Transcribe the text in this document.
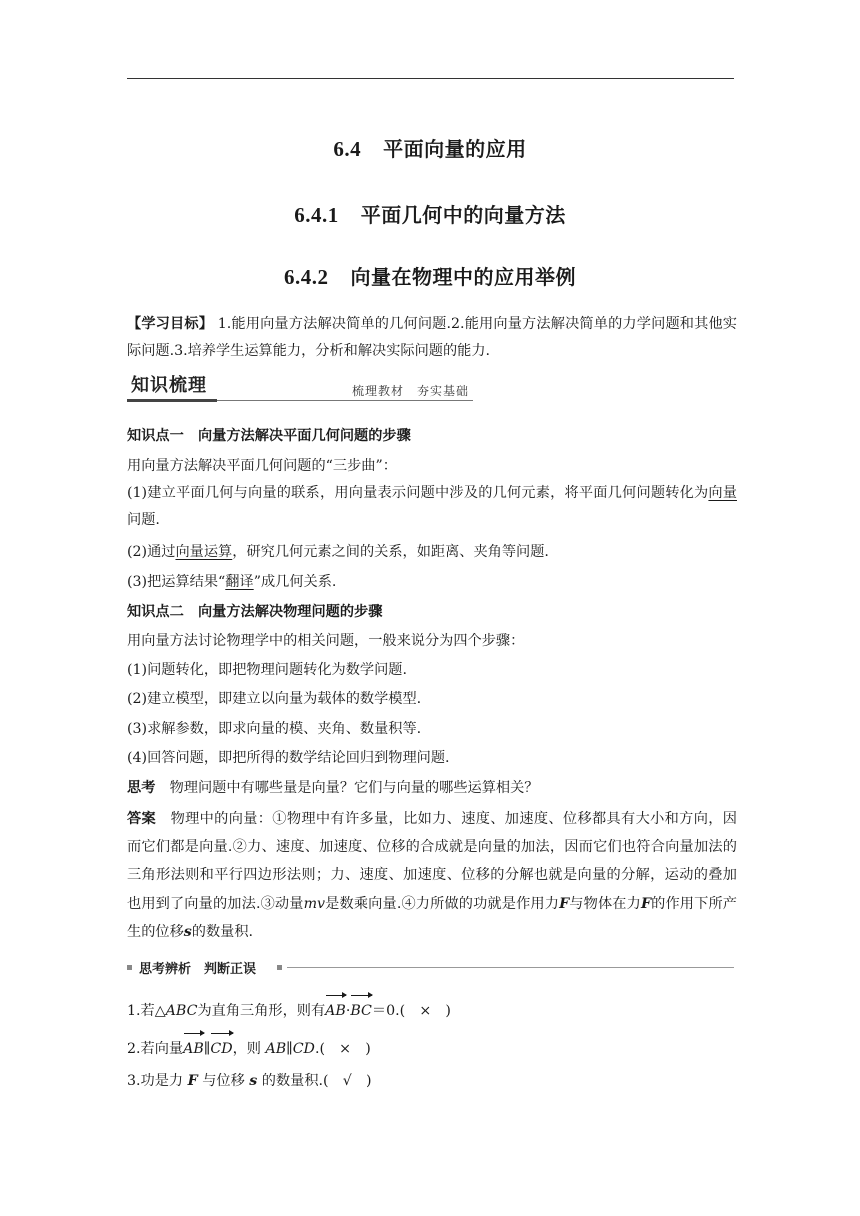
6.4 平面向量的应用
6.4.1 平面几何中的向量方法
6.4.2 向量在物理中的应用举例
【学习目标】 1.能用向量方法解决简单的几何问题.2.能用向量方法解决简单的力学问题和其他实际问题.3.培养学生运算能力，分析和解决实际问题的能力.
知识梳理	梳理教材　夯实基础
知识点一　向量方法解决平面几何问题的步骤
用向量方法解决平面几何问题的“三步曲”：
(1)建立平面几何与向量的联系，用向量表示问题中涉及的几何元素，将平面几何问题转化为向量问题.
(2)通过向量运算，研究几何元素之间的关系，如距离、夹角等问题.
(3)把运算结果“翻译”成几何关系.
知识点二　向量方法解决物理问题的步骤
用向量方法讨论物理学中的相关问题，一般来说分为四个步骤：
(1)问题转化，即把物理问题转化为数学问题.
(2)建立模型，即建立以向量为载体的数学模型.
(3)求解参数，即求向量的模、夹角、数量积等.
(4)回答问题，即把所得的数学结论回归到物理问题.
思考　 物理问题中有哪些量是向量？它们与向量的哪些运算相关？
答案　 物理中的向量：①物理中有许多量，比如力、速度、加速度、位移都具有大小和方向，因而它们都是向量.②力、速度、加速度、位移的合成就是向量的加法，因而它们也符合向量加法的三角形法则和平行四边形法则；力、速度、加速度、位移的分解也就是向量的分解，运动的叠加也用到了向量的加法.③动量mv是数乘向量.④力所做的功就是作用力F与物体在力F的作用下所产生的位移s的数量积.
思考辨析　判断正误
1.若△ABC为直角三角形，则有AB·BC＝0.(　×　)
2.若向量AB∥CD，则 AB∥CD.(　×　)
3.功是力 F 与位移 s 的数量积.(　√　)
